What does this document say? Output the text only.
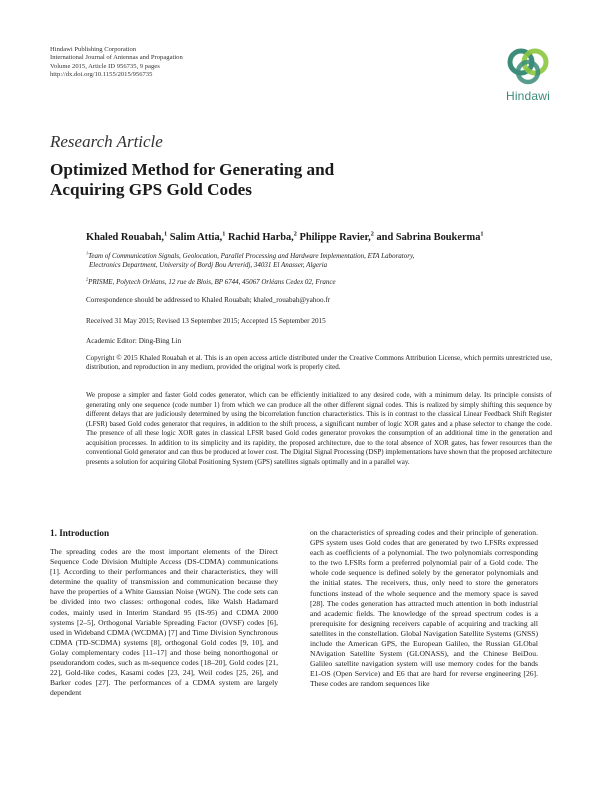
Hindawi Publishing Corporation
International Journal of Antennas and Propagation
Volume 2015, Article ID 956735, 9 pages
http://dx.doi.org/10.1155/2015/956735
Hindawi
Research Article
Optimized Method for Generating and
Acquiring GPS Gold Codes
Khaled Rouabah,$^1$ Salim Attia,$^1$ Rachid Harba,$^2$ Philippe Ravier,$^2$ and Sabrina Boukerma$^1$
$^1$Team of Communication Signals, Geolocation, Parallel Processing and Hardware Implementation, ETA Laboratory,
Electronics Department, University of Bordj Bou Arreridj, 34031 El Anasser, Algeria
$^2$PRISME, Polytech Orléans, 12 rue de Blois, BP 6744, 45067 Orléans Cedex 02, France
Correspondence should be addressed to Khaled Rouabah; khaled_rouabah@yahoo.fr
Received 31 May 2015; Revised 13 September 2015; Accepted 15 September 2015
Academic Editor: Ding-Bing Lin
Copyright © 2015 Khaled Rouabah et al. This is an open access article distributed under the Creative Commons Attribution License, which permits unrestricted use, distribution, and reproduction in any medium, provided the original work is properly cited.
We propose a simpler and faster Gold codes generator, which can be efficiently initialized to any desired code, with a minimum delay. Its principle consists of generating only one sequence (code number 1) from which we can produce all the other different signal codes. This is realized by simply shifting this sequence by different delays that are judiciously determined by using the bicorrelation function characteristics. This is in contrast to the classical Linear Feedback Shift Register (LFSR) based Gold codes generator that requires, in addition to the shift process, a significant number of logic XOR gates and a phase selector to change the code. The presence of all these logic XOR gates in classical LFSR based Gold codes generator provokes the consumption of an additional time in the generation and acquisition processes. In addition to its simplicity and its rapidity, the proposed architecture, due to the total absence of XOR gates, has fewer resources than the conventional Gold generator and can thus be produced at lower cost. The Digital Signal Processing (DSP) implementations have shown that the proposed architecture presents a solution for acquiring Global Positioning System (GPS) satellites signals optimally and in a parallel way.
1. Introduction

The spreading codes are the most important elements of the Direct Sequence Code Division Multiple Access (DS-CDMA) communications [1]. According to their performances and their characteristics, they will determine the quality of transmission and communication because they have the properties of a White Gaussian Noise (WGN). The code sets can be divided into two classes: orthogonal codes, like Walsh Hadamard codes, mainly used in Interim Standard 95 (IS-95) and CDMA 2000 systems [2–5], Orthogonal Variable Spreading Factor (OVSF) codes [6], used in Wideband CDMA (WCDMA) [7] and Time Division Synchronous CDMA (TD-SCDMA) systems [8], orthogonal Gold codes [9, 10], and Golay complementary codes [11–17] and those being nonorthogonal or pseudorandom codes, such as m-sequence codes [18–20], Gold codes [21, 22], Gold-like codes, Kasami codes [23, 24], Weil codes [25, 26], and Barker codes [27]. The performances of a CDMA system are largely dependent

on the characteristics of spreading codes and their principle of generation. GPS system uses Gold codes that are generated by two LFSRs expressed each as coefficients of a polynomial. The two polynomials corresponding to the two LFSRs form a preferred polynomial pair of a Gold code. The whole code sequence is defined solely by the generator polynomials and the initial states. The receivers, thus, only need to store the generators functions instead of the whole sequence and the memory space is saved [28]. The codes generation has attracted much attention in both industrial and academic fields. The knowledge of the spread spectrum codes is a prerequisite for designing receivers capable of acquiring and tracking all satellites in the constellation. Global Navigation Satellite Systems (GNSS) include the American GPS, the European Galileo, the Russian GLObal NAvigation Satellite System (GLONASS), and the Chinese BeiDou. Galileo satellite navigation system will use memory codes for the bands E1-OS (Open Service) and E6 that are hard for reverse engineering [26]. These codes are random sequences like
